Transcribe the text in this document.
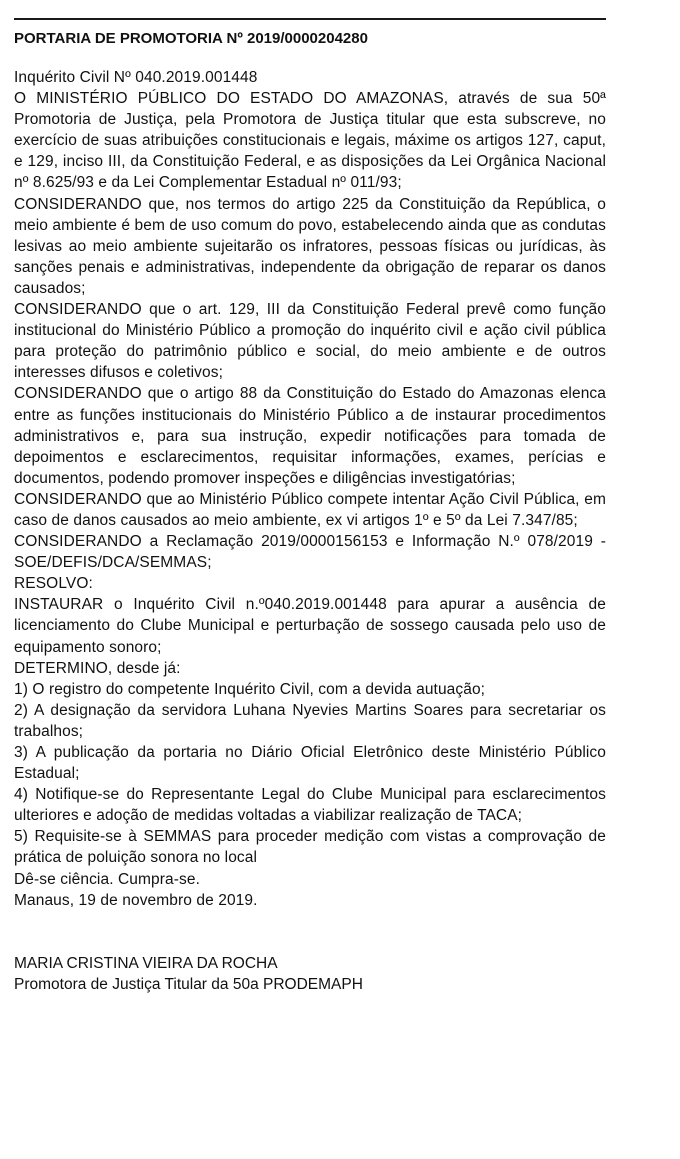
PORTARIA DE PROMOTORIA Nº 2019/0000204280

Inquérito Civil Nº 040.2019.001448

O MINISTÉRIO PÚBLICO DO ESTADO DO AMAZONAS, através de sua 50ª Promotoria de Justiça, pela Promotora de Justiça titular que esta subscreve, no exercício de suas atribuições constitucionais e legais, máxime os artigos 127, caput, e 129, inciso III, da Constituição Federal, e as disposições da Lei Orgânica Nacional nº 8.625/93 e da Lei Complementar Estadual nº 011/93;

CONSIDERANDO que, nos termos do artigo 225 da Constituição da República, o meio ambiente é bem de uso comum do povo, estabelecendo ainda que as condutas lesivas ao meio ambiente sujeitarão os infratores, pessoas físicas ou jurídicas, às sanções penais e administrativas, independente da obrigação de reparar os danos causados;

CONSIDERANDO que o art. 129, III da Constituição Federal prevê como função institucional do Ministério Público a promoção do inquérito civil e ação civil pública para proteção do patrimônio público e social, do meio ambiente e de outros interesses difusos e coletivos;

CONSIDERANDO que o artigo 88 da Constituição do Estado do Amazonas elenca entre as funções institucionais do Ministério Público a de instaurar procedimentos administrativos e, para sua instrução, expedir notificações para tomada de depoimentos e esclarecimentos, requisitar informações, exames, perícias e documentos, podendo promover inspeções e diligências investigatórias;

CONSIDERANDO que ao Ministério Público compete intentar Ação Civil Pública, em caso de danos causados ao meio ambiente, ex vi artigos 1º e 5º da Lei 7.347/85;

CONSIDERANDO a Reclamação 2019/0000156153 e Informação N.º 078/2019 - SOE/DEFIS/DCA/SEMMAS;

RESOLVO:

INSTAURAR o Inquérito Civil n.º040.2019.001448 para apurar a ausência de licenciamento do Clube Municipal e perturbação de sossego causada pelo uso de equipamento sonoro;

DETERMINO, desde já:

1) O registro do competente Inquérito Civil, com a devida autuação;

2) A designação da servidora Luhana Nyevies Martins Soares para secretariar os trabalhos;

3) A publicação da portaria no Diário Oficial Eletrônico deste Ministério Público Estadual;

4) Notifique-se do Representante Legal do Clube Municipal para esclarecimentos ulteriores e adoção de medidas voltadas a viabilizar realização de TACA;

5) Requisite-se à SEMMAS para proceder medição com vistas a comprovação de prática de poluição sonora no local

Dê-se ciência. Cumpra-se.

Manaus, 19 de novembro de 2019.

MARIA CRISTINA VIEIRA DA ROCHA

Promotora de Justiça Titular da 50a PRODEMAPH
